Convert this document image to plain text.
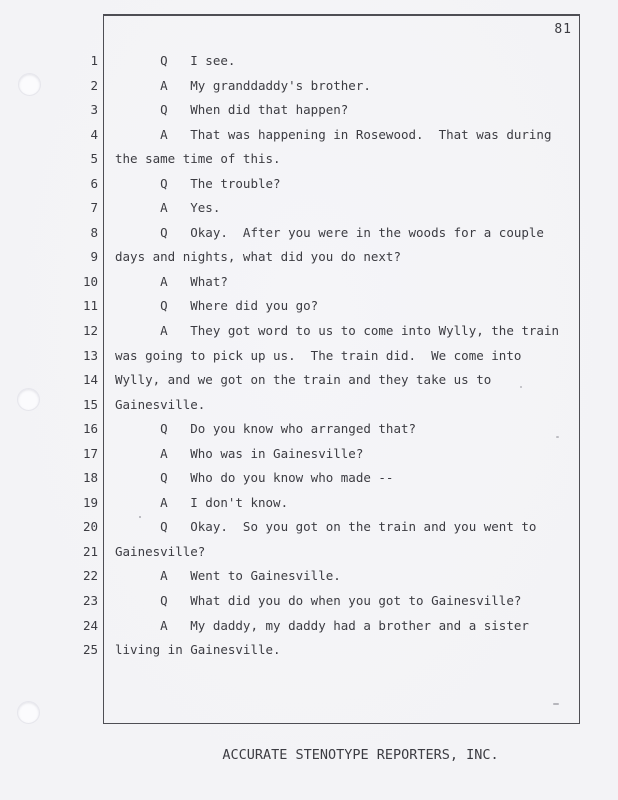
81
1 Q   I see.
2 A   My granddaddy's brother.
3 Q   When did that happen?
4 A   That was happening in Rosewood.  That was during
5 the same time of this.
6 Q   The trouble?
7 A   Yes.
8 Q   Okay.  After you were in the woods for a couple
9 days and nights, what did you do next?
10 A   What?
11 Q   Where did you go?
12 A   They got word to us to come into Wylly, the train
13 was going to pick up us.  The train did.  We come into
14 Wylly, and we got on the train and they take us to
15 Gainesville.
16 Q   Do you know who arranged that?
17 A   Who was in Gainesville?
18 Q   Who do you know who made --
19 A   I don't know.
20 Q   Okay.  So you got on the train and you went to
21 Gainesville?
22 A   Went to Gainesville.
23 Q   What did you do when you got to Gainesville?
24 A   My daddy, my daddy had a brother and a sister
25 living in Gainesville.
ACCURATE STENOTYPE REPORTERS, INC.
